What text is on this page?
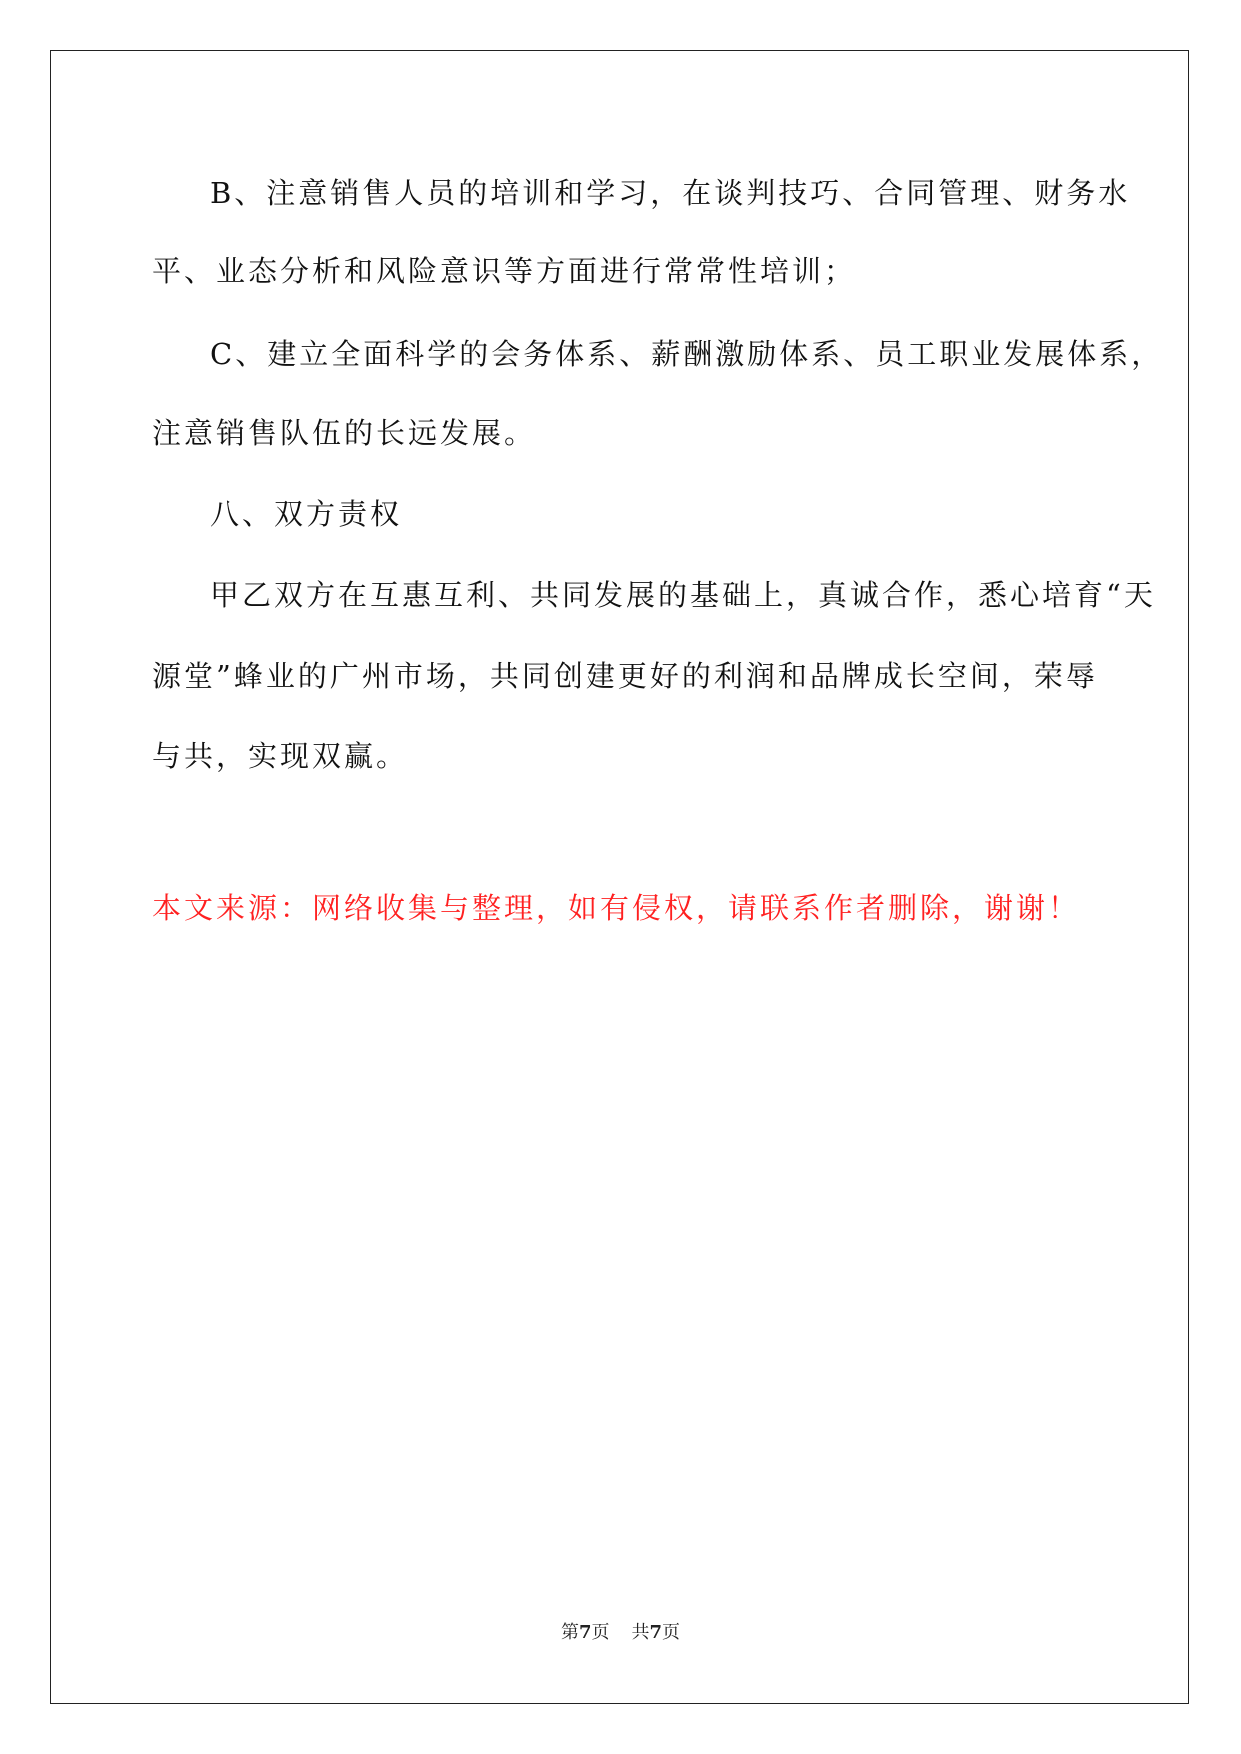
B、注意销售人员的培训和学习，在谈判技巧、合同管理、财务水

平、业态分析和风险意识等方面进行常常性培训；

C、建立全面科学的会务体系、薪酬激励体系、员工职业发展体系，

注意销售队伍的长远发展。

八、双方责权

甲乙双方在互惠互利、共同发展的基础上，真诚合作，悉心培育“天

源堂”蜂业的广州市场，共同创建更好的利润和品牌成长空间，荣辱

与共，实现双赢。

本文来源：网络收集与整理，如有侵权，请联系作者删除，谢谢！

第7页 共7页
